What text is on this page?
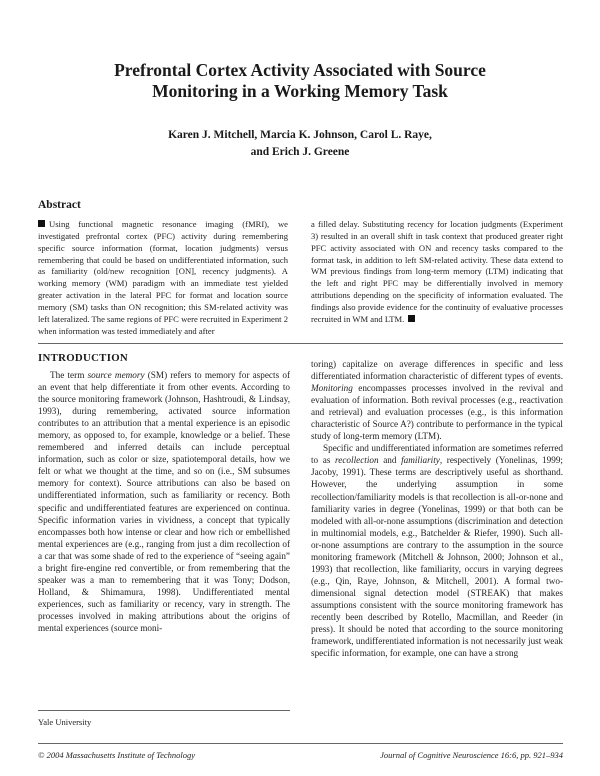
Prefrontal Cortex Activity Associated with Source
Monitoring in a Working Memory Task
Karen J. Mitchell, Marcia K. Johnson, Carol L. Raye,
and Erich J. Greene
Abstract
Using functional magnetic resonance imaging (fMRI), we investigated prefrontal cortex (PFC) activity during remembering specific source information (format, location judgments) versus remembering that could be based on undifferentiated information, such as familiarity (old/new recognition [ON], recency judgments). A working memory (WM) paradigm with an immediate test yielded greater activation in the lateral PFC for format and location source memory (SM) tasks than ON recognition; this SM-related activity was left lateralized. The same regions of PFC were recruited in Experiment 2 when information was tested immediately and after
a filled delay. Substituting recency for location judgments (Experiment 3) resulted in an overall shift in task context that produced greater right PFC activity associated with ON and recency tasks compared to the format task, in addition to left SM-related activity. These data extend to WM previous findings from long-term memory (LTM) indicating that the left and right PFC may be differentially involved in memory attributions depending on the specificity of information evaluated. The findings also provide evidence for the continuity of evaluative processes recruited in WM and LTM.
INTRODUCTION

The term source memory (SM) refers to memory for aspects of an event that help differentiate it from other events. According to the source monitoring framework (Johnson, Hashtroudi, & Lindsay, 1993), during remembering, activated source information contributes to an attribution that a mental experience is an episodic memory, as opposed to, for example, knowledge or a belief. These remembered and inferred details can include perceptual information, such as color or size, spatiotemporal details, how we felt or what we thought at the time, and so on (i.e., SM subsumes memory for context). Source attributions can also be based on undifferentiated information, such as familiarity or recency. Both specific and undifferentiated features are experienced on continua. Specific information varies in vividness, a concept that typically encompasses both how intense or clear and how rich or embellished mental experiences are (e.g., ranging from just a dim recollection of a car that was some shade of red to the experience of “seeing again” a bright fire-engine red convertible, or from remembering that the speaker was a man to remembering that it was Tony; Dodson, Holland, & Shimamura, 1998). Undifferentiated mental experiences, such as familiarity or recency, vary in strength. The processes involved in making attributions about the origins of mental experiences (source moni-

toring) capitalize on average differences in specific and less differentiated information characteristic of different types of events. Monitoring encompasses processes involved in the revival and evaluation of information. Both revival processes (e.g., reactivation and retrieval) and evaluation processes (e.g., is this information characteristic of Source A?) contribute to performance in the typical study of long-term memory (LTM).

Specific and undifferentiated information are sometimes referred to as recollection and familiarity, respectively (Yonelinas, 1999; Jacoby, 1991). These terms are descriptively useful as shorthand. However, the underlying assumption in some recollection/familiarity models is that recollection is all-or-none and familiarity varies in degree (Yonelinas, 1999) or that both can be modeled with all-or-none assumptions (discrimination and detection in multinomial models, e.g., Batchelder & Riefer, 1990). Such all-or-none assumptions are contrary to the assumption in the source monitoring framework (Mitchell & Johnson, 2000; Johnson et al., 1993) that recollection, like familiarity, occurs in varying degrees (e.g., Qin, Raye, Johnson, & Mitchell, 2001). A formal two-dimensional signal detection model (STREAK) that makes assumptions consistent with the source monitoring framework has recently been described by Rotello, Macmillan, and Reeder (in press). It should be noted that according to the source monitoring framework, undifferentiated information is not necessarily just weak specific information, for example, one can have a strong

Yale University
© 2004 Massachusetts Institute of Technology	Journal of Cognitive Neuroscience 16:6, pp. 921–934
